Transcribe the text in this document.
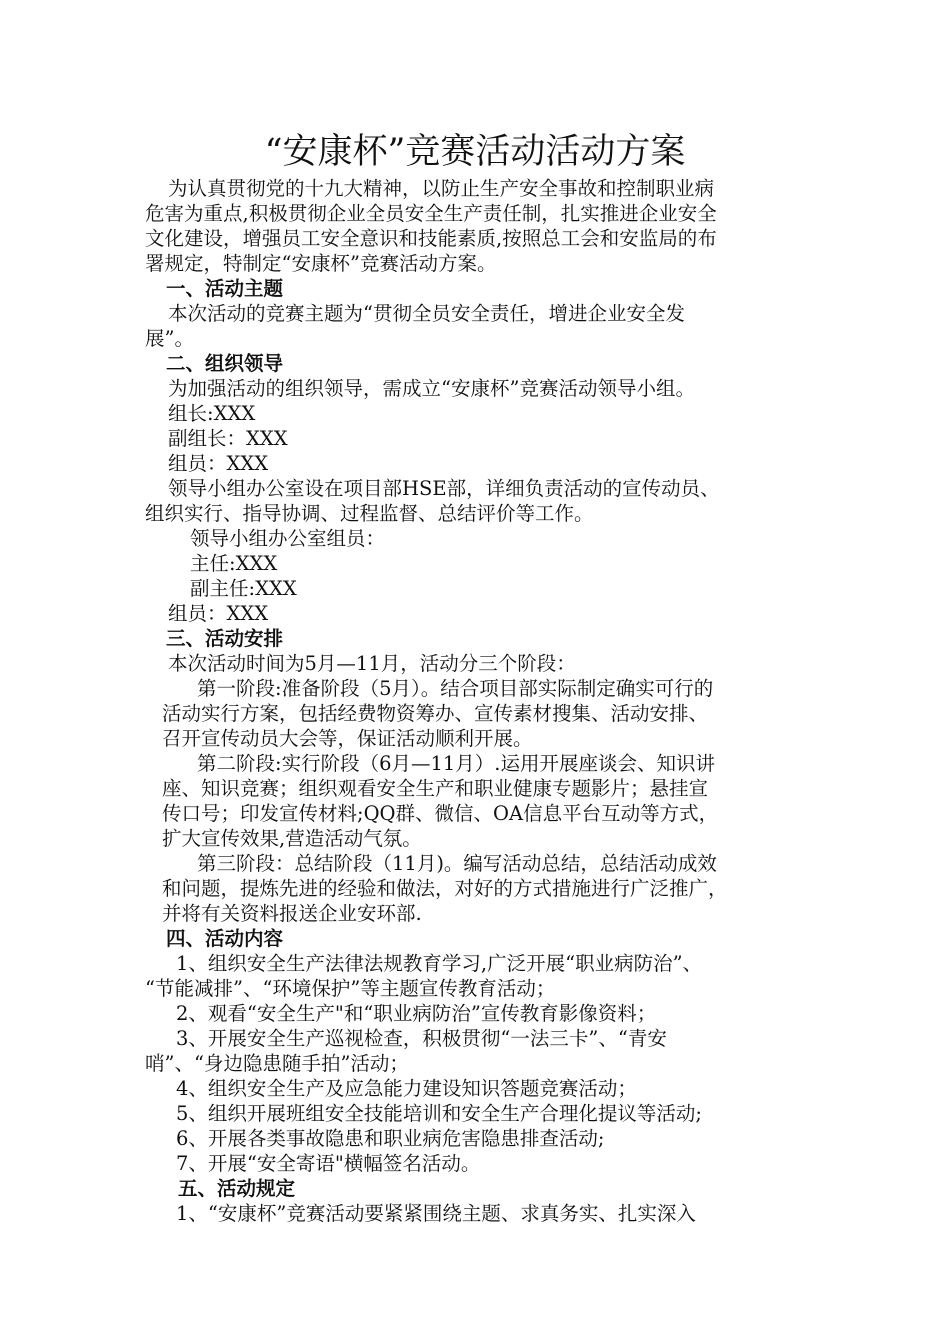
“安康杯”竞赛活动活动方案
为认真贯彻党的十九大精神，以防止生产安全事故和控制职业病
危害为重点,积极贯彻企业全员安全生产责任制，扎实推进企业安全
文化建设，增强员工安全意识和技能素质,按照总工会和安监局的布
署规定，特制定“安康杯”竞赛活动方案。
一、活动主题
本次活动的竞赛主题为“贯彻全员安全责任，增进企业安全发
展”。
二、组织领导
为加强活动的组织领导，需成立“安康杯”竞赛活动领导小组。
组长:XXX
副组长：XXX
组员：XXX
领导小组办公室设在项目部HSE部，详细负责活动的宣传动员、
组织实行、指导协调、过程监督、总结评价等工作。
领导小组办公室组员：
主任:XXX
副主任:XXX
组员：XXX
三、活动安排
本次活动时间为5月—11月，活动分三个阶段：
第一阶段:准备阶段（5月）。结合项目部实际制定确实可行的
活动实行方案，包括经费物资筹办、宣传素材搜集、活动安排、
召开宣传动员大会等，保证活动顺利开展。
第二阶段:实行阶段（6月—11月）.运用开展座谈会、知识讲
座、知识竞赛；组织观看安全生产和职业健康专题影片；悬挂宣
传口号；印发宣传材料;QQ群、微信、OA信息平台互动等方式，
扩大宣传效果,营造活动气氛。
第三阶段：总结阶段（11月)。编写活动总结，总结活动成效
和问题，提炼先进的经验和做法，对好的方式措施进行广泛推广，
并将有关资料报送企业安环部.
四、活动内容
1、组织安全生产法律法规教育学习,广泛开展“职业病防治”、
“节能减排”、“环境保护”等主题宣传教育活动；
2、观看“安全生产"和“职业病防治”宣传教育影像资料；
3、开展安全生产巡视检查，积极贯彻“一法三卡”、“青安
哨”、“身边隐患随手拍”活动；
4、组织安全生产及应急能力建设知识答题竞赛活动；
5、组织开展班组安全技能培训和安全生产合理化提议等活动;
6、开展各类事故隐患和职业病危害隐患排查活动;
7、开展“安全寄语"横幅签名活动。
五、活动规定
1、“安康杯”竞赛活动要紧紧围绕主题、求真务实、扎实深入
